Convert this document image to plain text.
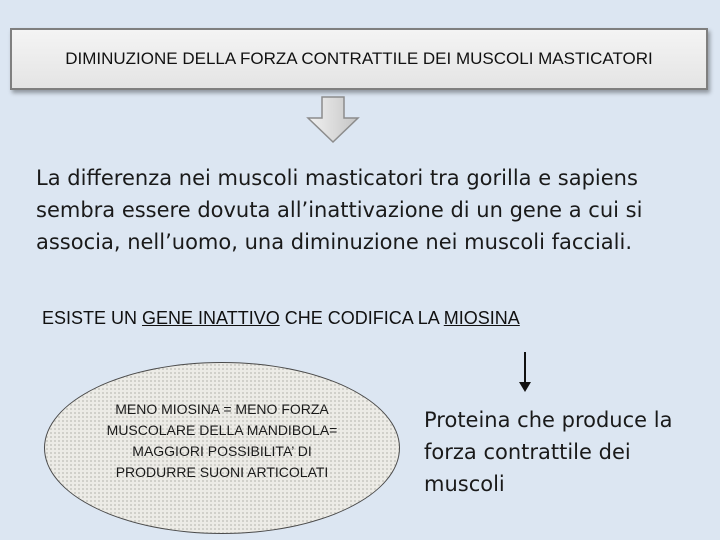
DIMINUZIONE DELLA FORZA CONTRATTILE DEI MUSCOLI MASTICATORI

La differenza nei muscoli masticatori tra gorilla e sapiens sembra essere dovuta all’inattivazione di un gene a cui si associa, nell’uomo, una diminuzione nei muscoli facciali.

ESISTE UN GENE INATTIVO CHE CODIFICA LA MIOSINA
MENO MIOSINA = MENO FORZA MUSCOLARE DELLA MANDIBOLA= MAGGIORI POSSIBILITA’ DI PRODURRE SUONI ARTICOLATI

Proteina che produce la forza contrattile dei muscoli
